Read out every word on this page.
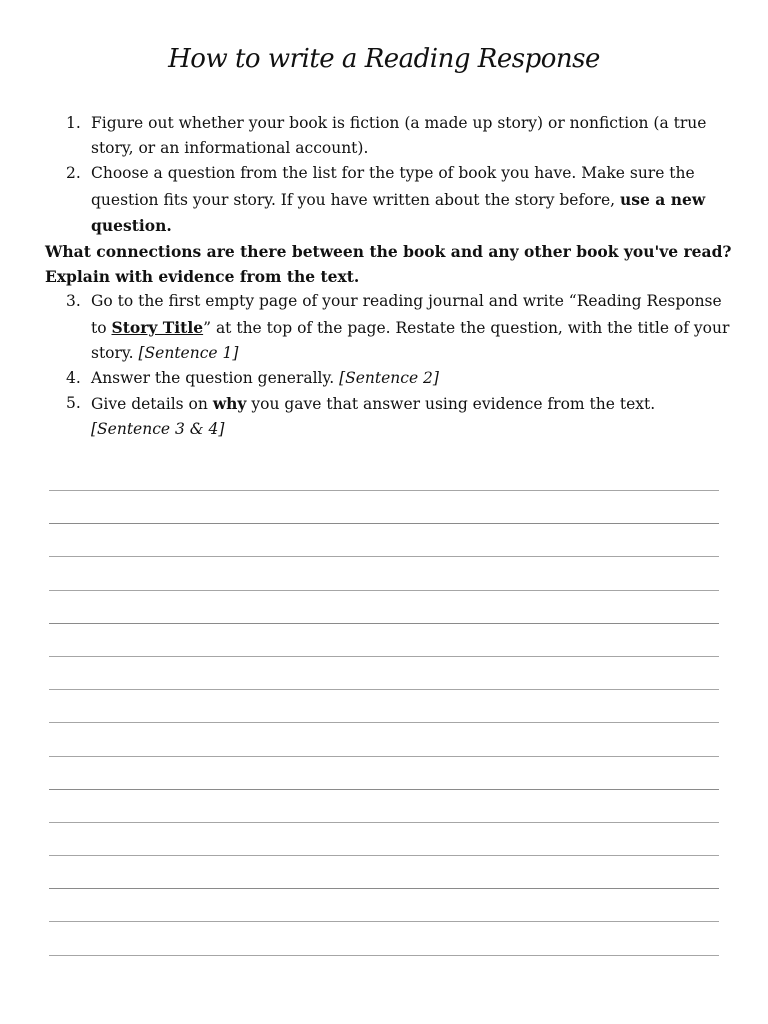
How to write a Reading Response
1. Figure out whether your book is fiction (a made up story) or nonfiction (a true story, or an informational account).
2. Choose a question from the list for the type of book you have. Make sure the question fits your story. If you have written about the story before, use a new question.
What connections are there between the book and any other book you've read? Explain with evidence from the text.
3. Go to the first empty page of your reading journal and write “Reading Response to Story Title” at the top of the page. Restate the question, with the title of your story. [Sentence 1]
4. Answer the question generally. [Sentence 2]
5. Give details on why you gave that answer using evidence from the text.
[Sentence 3 & 4]
